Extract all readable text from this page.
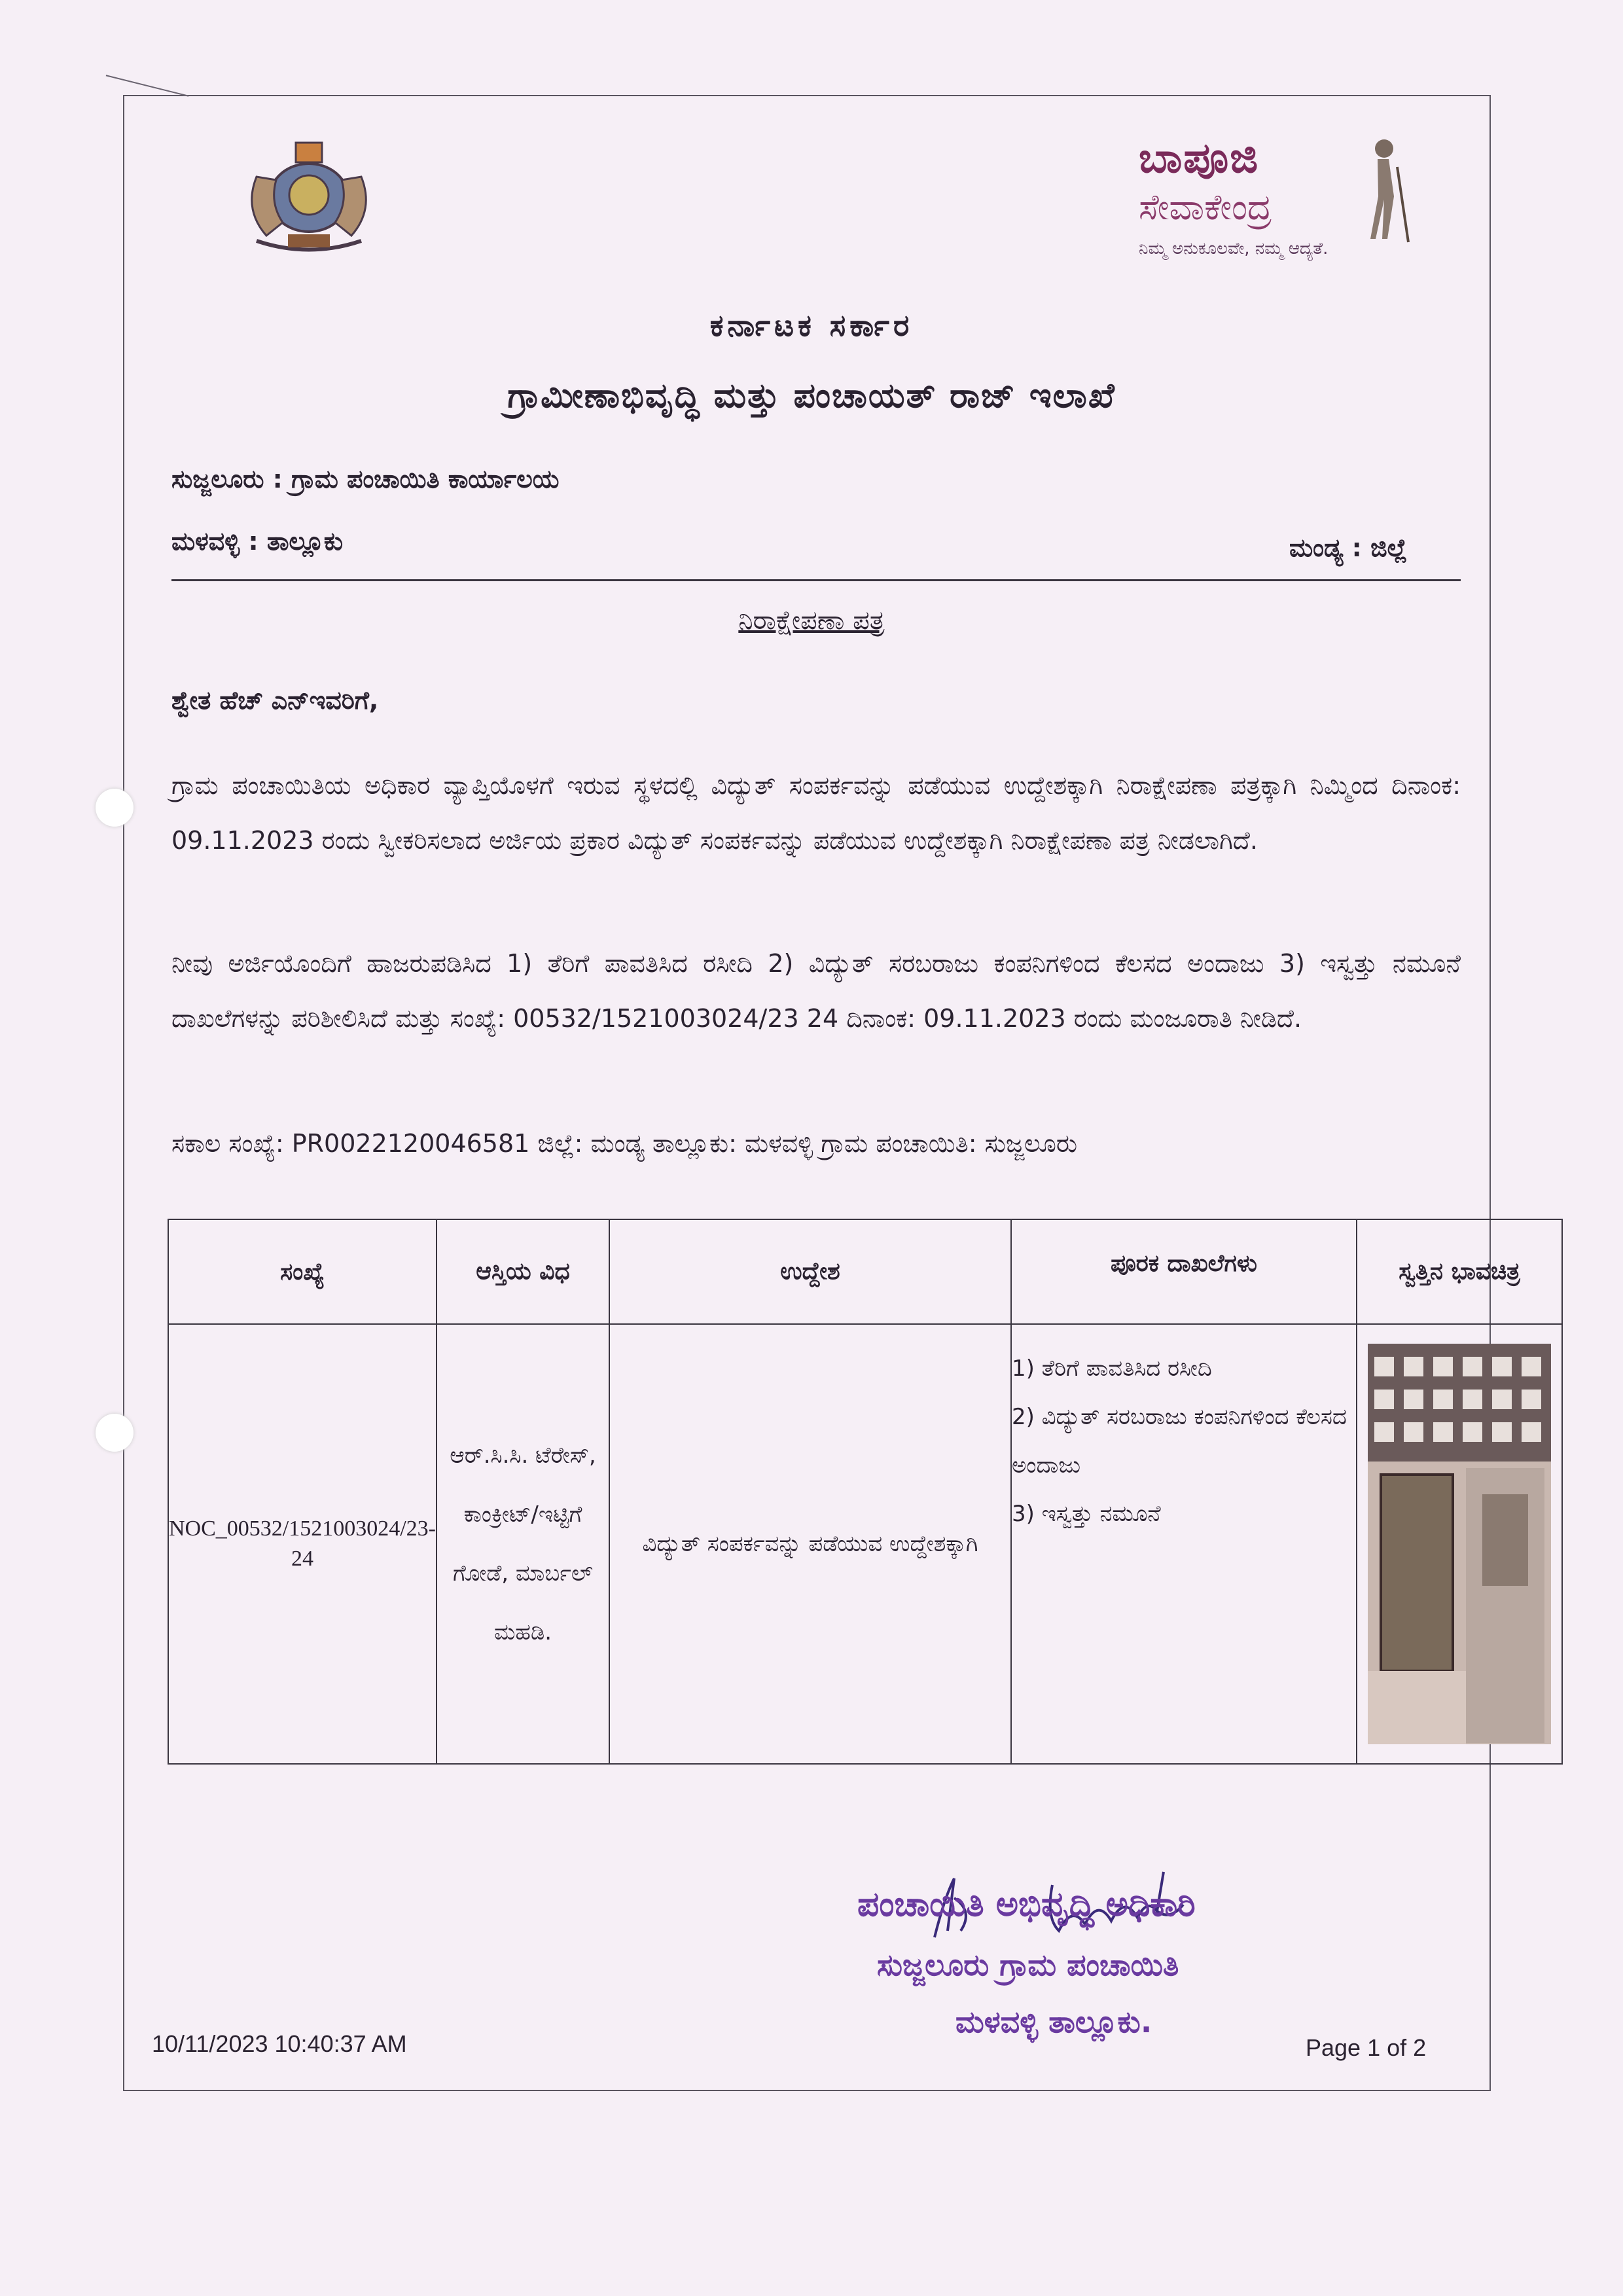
ಬಾಪೂಜಿ
ಸೇವಾಕೇಂದ್ರ
ನಿಮ್ಮ ಅನುಕೂಲವೇ, ನಮ್ಮ ಆದ್ಯತೆ.
ಕರ್ನಾಟಕ ಸರ್ಕಾರ
ಗ್ರಾಮೀಣಾಭಿವೃದ್ಧಿ ಮತ್ತು ಪಂಚಾಯತ್ ರಾಜ್ ಇಲಾಖೆ
ಸುಜ್ಜಲೂರು : ಗ್ರಾಮ ಪಂಚಾಯಿತಿ ಕಾರ್ಯಾಲಯ
ಮಳವಳ್ಳಿ : ತಾಲ್ಲೂಕು	ಮಂಡ್ಯ : ಜಿಲ್ಲೆ
ನಿರಾಕ್ಷೇಪಣಾ ಪತ್ರ
ಶ್ವೇತ ಹೆಚ್ ಎನ್‌ಇವರಿಗೆ,
ಗ್ರಾಮ ಪಂಚಾಯಿತಿಯ ಅಧಿಕಾರ ವ್ಯಾಪ್ತಿಯೊಳಗೆ ಇರುವ ಸ್ಥಳದಲ್ಲಿ ವಿದ್ಯುತ್ ಸಂಪರ್ಕವನ್ನು ಪಡೆಯುವ ಉದ್ದೇಶಕ್ಕಾಗಿ ನಿರಾಕ್ಷೇಪಣಾ ಪತ್ರಕ್ಕಾಗಿ ನಿಮ್ಮಿಂದ ದಿನಾಂಕ: 09.11.2023 ರಂದು ಸ್ವೀಕರಿಸಲಾದ ಅರ್ಜಿಯ ಪ್ರಕಾರ ವಿದ್ಯುತ್ ಸಂಪರ್ಕವನ್ನು ಪಡೆಯುವ ಉದ್ದೇಶಕ್ಕಾಗಿ ನಿರಾಕ್ಷೇಪಣಾ ಪತ್ರ ನೀಡಲಾಗಿದೆ.
ನೀವು ಅರ್ಜಿಯೊಂದಿಗೆ ಹಾಜರುಪಡಿಸಿದ 1) ತೆರಿಗೆ ಪಾವತಿಸಿದ ರಸೀದಿ 2) ವಿದ್ಯುತ್ ಸರಬರಾಜು ಕಂಪನಿಗಳಿಂದ ಕೆಲಸದ ಅಂದಾಜು 3) ಇಸ್ವತ್ತು ನಮೂನೆ ದಾಖಲೆಗಳನ್ನು ಪರಿಶೀಲಿಸಿದೆ ಮತ್ತು ಸಂಖ್ಯೆ: 00532/1521003024/23 24 ದಿನಾಂಕ: 09.11.2023 ರಂದು ಮಂಜೂರಾತಿ ನೀಡಿದೆ.
ಸಕಾಲ ಸಂಖ್ಯೆ: PR0022120046581 ಜಿಲ್ಲೆ: ಮಂಡ್ಯ ತಾಲ್ಲೂಕು: ಮಳವಳ್ಳಿ ಗ್ರಾಮ ಪಂಚಾಯಿತಿ: ಸುಜ್ಜಲೂರು
ಸಂಖ್ಯೆ	ಆಸ್ತಿಯ ವಿಧ	ಉದ್ದೇಶ	ಪೂರಕ ದಾಖಲೆಗಳು	ಸ್ವತ್ತಿನ ಭಾವಚಿತ್ರ
NOC_00532/1521003024/23-24	ಆರ್.ಸಿ.ಸಿ. ಟೆರೇಸ್, ಕಾಂಕ್ರೀಟ್/ಇಟ್ಟಿಗೆ ಗೋಡೆ, ಮಾರ್ಬಲ್ ಮಹಡಿ.	ವಿದ್ಯುತ್ ಸಂಪರ್ಕವನ್ನು ಪಡೆಯುವ ಉದ್ದೇಶಕ್ಕಾಗಿ	1) ತೆರಿಗೆ ಪಾವತಿಸಿದ ರಸೀದಿ
2) ವಿದ್ಯುತ್ ಸರಬರಾಜು ಕಂಪನಿಗಳಿಂದ ಕೆಲಸದ ಅಂದಾಜು
3) ಇಸ್ವತ್ತು ನಮೂನೆ

ಪಂಚಾಯಿತಿ ಅಭಿವೃದ್ಧಿ ಅಧಿಕಾರಿ
ಸುಜ್ಜಲೂರು ಗ್ರಾಮ ಪಂಚಾಯಿತಿ
ಮಳವಳ್ಳಿ ತಾಲ್ಲೂಕು.
10/11/2023 10:40:37 AM	Page 1 of 2
